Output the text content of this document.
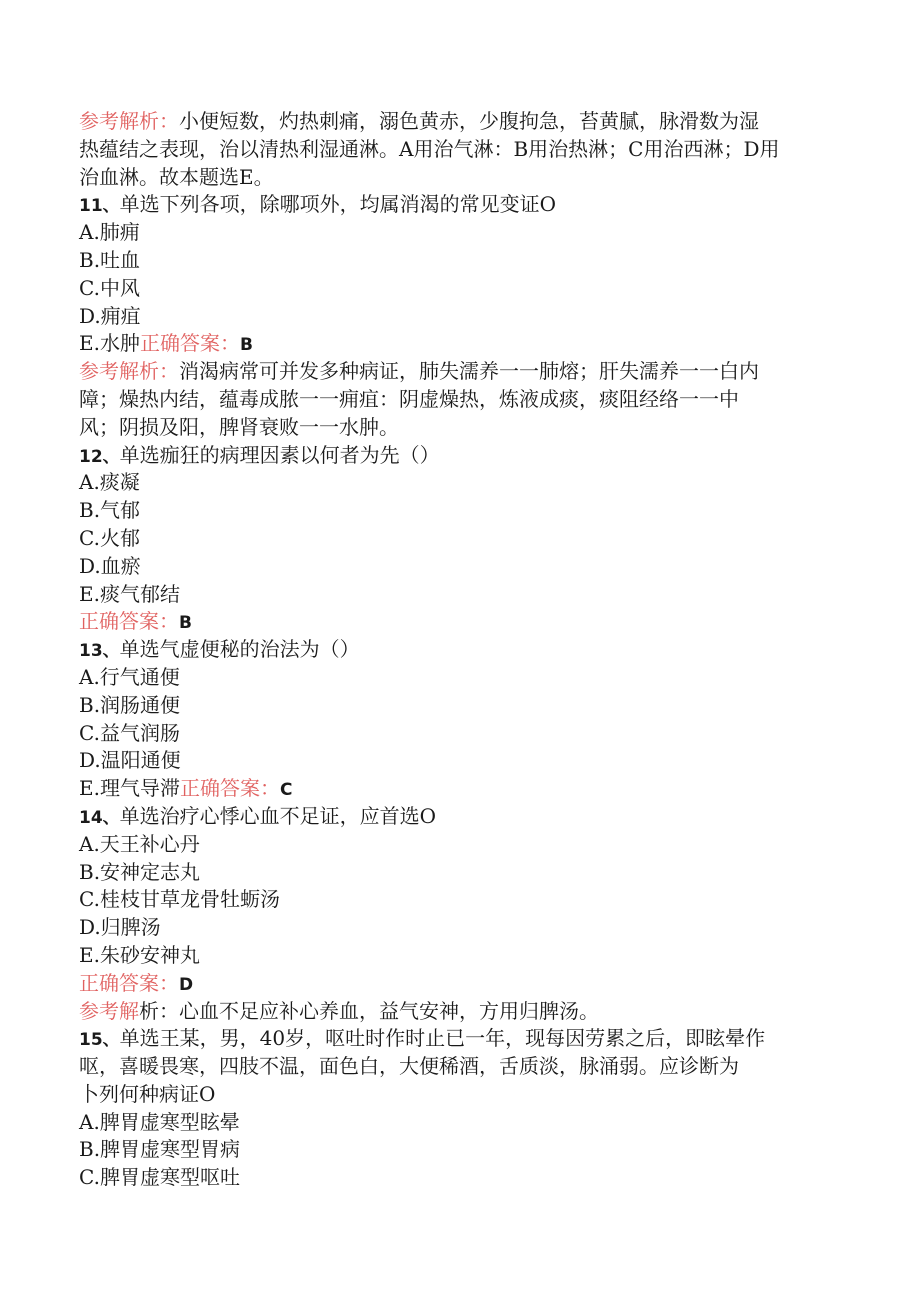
参考解析：小便短数，灼热刺痛，溺色黄赤，少腹拘急，苔黄腻，脉滑数为湿
热蕴结之表现，治以清热利湿通淋。A用治气淋：B用治热淋；C用治西淋；D用
治血淋。故本题选E。
11、单选下列各项，除哪项外，均属消渴的常见变证O
A.肺痈
B.吐血
C.中风
D.痈疽
E.水肿正确答案：B
参考解析：消渴病常可并发多种病证，肺失濡养一一肺熔；肝失濡养一一白内
障；燥热内结，蕴毒成脓一一痈疽：阴虚燥热，炼液成痰，痰阻经络一一中
风；阴损及阳，脾肾衰败一一水肿。
12、单选痂狂的病理因素以何者为先（）
A.痰凝
B.气郁
C.火郁
D.血瘀
E.痰气郁结
正确答案：B
13、单选气虚便秘的治法为（）
A.行气通便
B.润肠通便
C.益气润肠
D.温阳通便
E.理气导滞正确答案：C
14、单选治疗心悸心血不足证，应首选O
A.天王补心丹
B.安神定志丸
C.桂枝甘草龙骨牡蛎汤
D.归脾汤
E.朱砂安神丸
正确答案：D
参考解析：心血不足应补心养血，益气安神，方用归脾汤。
15、单选王某，男，40岁，呕吐时作时止已一年，现每因劳累之后，即眩晕作
呕，喜暖畏寒，四肢不温，面色白，大便稀酒，舌质淡，脉涌弱。应诊断为
卜列何种病证O
A.脾胃虚寒型眩晕
B.脾胃虚寒型胃病
C.脾胃虚寒型呕吐
